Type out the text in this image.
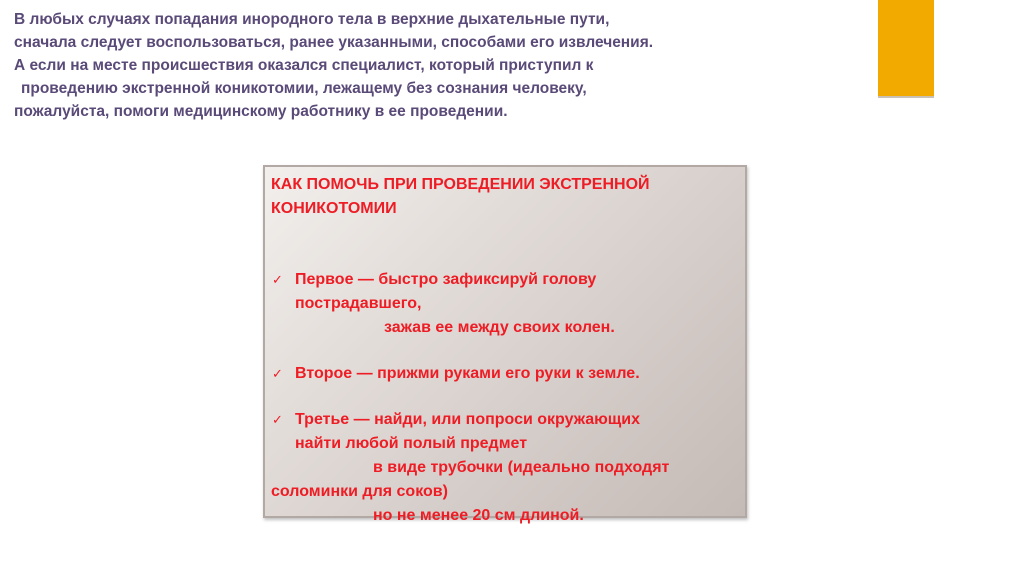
В любых случаях попадания инородного тела в верхние дыхательные пути,
сначала следует воспользоваться, ранее указанными, способами его извлечения.
А если на месте происшествия оказался специалист, который приступил к
проведению экстренной коникотомии, лежащему без сознания человеку,
пожалуйста, помоги медицинскому работнику в ее проведении.
КАК ПОМОЧЬ ПРИ ПРОВЕДЕНИИ ЭКСТРЕННОЙ
КОНИКОТОМИИ
✓ Первое — быстро зафиксируй голову
пострадавшего,
зажав ее между своих колен.
✓ Второе — прижми руками его руки к земле.
✓ Третье — найди, или попроси окружающих
найти любой полый предмет
в виде трубочки (идеально подходят
соломинки для соков)
но не менее 20 см длиной.
